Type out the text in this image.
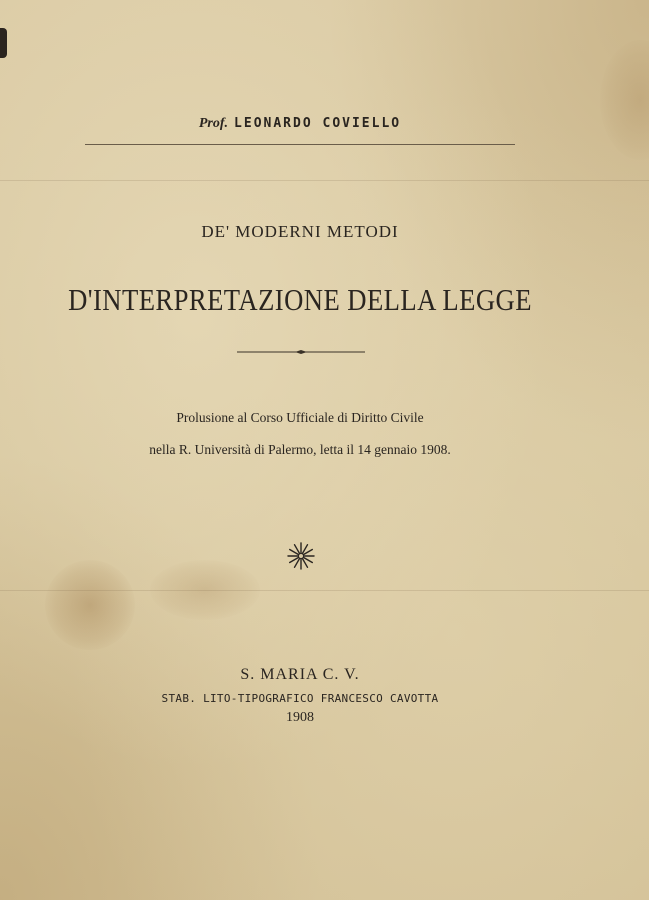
Prof. LEONARDO COVIELLO
DE' MODERNI METODI
D'INTERPRETAZIONE DELLA LEGGE
Prolusione al Corso Ufficiale di Diritto Civile
nella R. Università di Palermo, letta il 14 gennaio 1908.
S. MARIA C. V.
STAB. LITO-TIPOGRAFICO FRANCESCO CAVOTTA
1908
